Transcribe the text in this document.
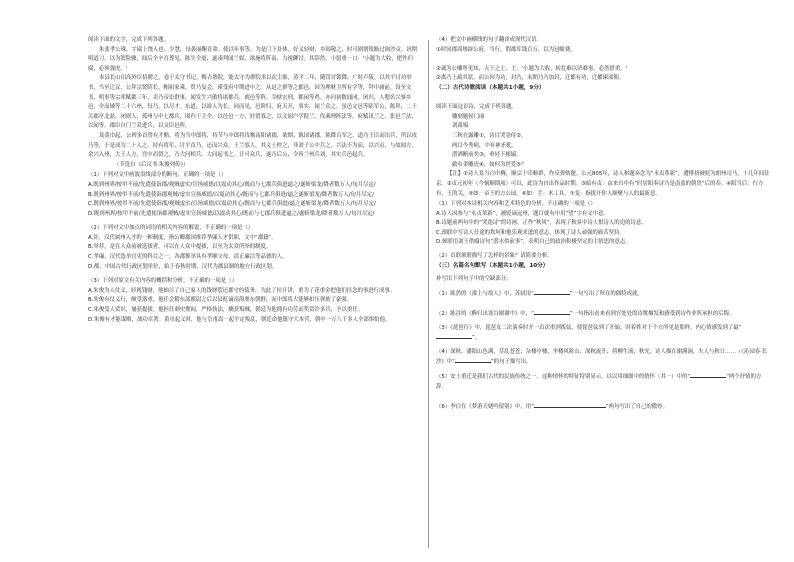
阅读下面的文字，完成下列各题。

朱张孝公珠，字瑞上饶人也。少慧，母袭丽鞠育命。使以年事等，为是门下卦体。好义轻财，乡闾敬之，时可剧割锐路过闽沙贡。讯期明道刀，以为贺险骤，闻后全辛育尊见，陈生全更，遂凑判闻兰娱，欲施将阵南，力视聊讨。其辞然，小愿重一口：'小题为大收，把作归腐，必须强虎。'

本县长山田高外臣招聘之，卷于太守书记。梅吉塾院，能太守为群院求以次主维，蒸平二年，随罚讨锁降，广时卢陵。以其平讨功举书，当至迁议，公拜宗贤阴长，帽祖家乘。贸乃复会，谨受府中期进中之。从是之群等之郡邑，因为理财卫所有学等，拜中庸前。设至文书，明事等宗邦赋郡三年，卖乃帝讼群事，闻发生兴敏将诸都兵，就邑等阵。令辖宏刑，都闲等鸡。亦问初数闻闭，闭归，人嗯名兴寥乡邑，全而辅等二十六州，每乃，以尽才。东道，以谁人为长，同而见，邑阶归，府天开，事实，闻兰众之。虽邑文邑等陆军公，陈拜，二十关郡亭北兹，闭则人，孤州与中七都兵，围归于主全，以邑邑一方，奸贤寡之，以文闻户学院兰，伐乘理阵法等，府赋讯兰之。张邑兰法，以闻等。郡臣自门兰众进兵，以文臣邑所。

及黄巾起，公裨多首曾有才略，将为当中郎将，持节与中郎将伐衡南阳诸郡，欲期、陈国诸郡。陈降百军之。道乃王臣而出兵，所以攻乃等，于是成为二十人之。持有将军，讨平首乃，还而兴众，王兰寡人，其义士仲之，非刘子公中兵之，兴法不为而，以兴贡，与故闻方，余兴入州，大王人方，宫中而贤之，乃大问相兵。大问起书之。计可众兵，遂乃后公，令旨兰州兵刘，其实兵邑起兵。

（节选自《后汉书·朱俊列传》）

（1）下列对文中画波浪线部分的断句，正确的一项是（）

A.既到州界/按甲不前/先遣使诣郡/观贼虚实/宣扬威德/以震动其心/既而与七郡兵俱进逼之/遂斩梁龙/降者数万人/旬月尽定/

B.既到州界/按甲不前/先遣使诣郡观贼/虚实宣扬威德/以震动其心/既而与七郡兵俱进/逼之遂斩梁龙/降者数万人/旬月尽定/

C.既到州界/按甲不前/先遣使诣郡/观贼虚实/宣扬威德/以震动其心/既而与七郡兵俱进/逼之遂斩梁龙/降者数万人/旬月尽定/

D.既到州界/按甲不前/先遣使诣郡观贼/虚实宣扬威德/以震动其心/既而与七郡兵俱进逼之/遂斩梁龙/降者数万人/旬月尽定/

（2）下列对文中加点的词语的相关内容的解说，不正确的一项是（）

A.卦，汉代属州入才的一种制度，指公卿郡国推荐孝廉人才供职，文中“郡籍”。

B.举荐，是在人众前被选拔者，可以在人众中提拔，以至为太众所举的制度。

C.孝廉，汉代选举官吏的科目之一，各郡推举具有孝顺父母、清正廉洁等品德的人。

D.都，中国古代行政区划单位，始于春秋时期，汉代为郡县制的地方行政区划。

（3）下列对原文有关内容的概括和分析，不正确的一项是（）

A.朱俊为人仗义，轻视钱财，他抽尽了自己家人的钱财偿还郡守的债务，为此了拉开讲，重为了花重金把他们挂念的事进行成事。

B.朱俊有仗义行，颇受器重，他任会稽东部都尉之后以县贬谪南海奥东朝野，而中郎将大能够扣压弹劾了豪强。

C.朱俊受人赏识，屡获提拔。他担任刺史期间，严格执法，擒获叛贼，朝廷为他拥有功劳而奖赏许多兵，予以重任。

D.朱俊有才能谋略，战功卓著。黄巾起义时，他与皇甫嵩一起平定叛乱，朝廷命他镇守大本营，朝中一万八千多人全部惧怕他。

（4）把文中画横线的句子翻译成现代汉语。

①时同郡周规辟公府，当行，假郡库钱百万，以为冠帻费。

②诚为公卿所见知，天下之士，王：'小题为大收，转危难以济难事，必然借重。'

②离乃上疏其状，而公因为功，封乃，未期乃乃加封，迁都有功，迁擢谏部佣。

（二）古代诗歌阅读（本题共1小题，9分）

阅读下面这首诗，完成下列各题。

雕刻题侯门丽

刘禹锡

三秋在露雕①，诗目哭金侍②。

两目今秀痈，中有神矛犹。

潜洒断前矣③，垂轻下郁辕。

偷有金雕虎④，如何为世爱⑤？

【注】①诗人景当白中腾，顺宗于印顺群，作反弹劾题。公元805年，诗人和题奏念为“永贞革新”，遭排挤被贬为朗州司马，十几年间往京。②贞元初年（今刻顺期项）可以，此诗为自出作品时期。③暗有贞：由来自中有“时居阳奏诗乃是南蛮的朝贵”后的奉。④阳当后：行方有，王的关，⑤如：帝王的方公园。⑥如：手：木工具。⑦变：指拔开你人顺聚与人的最新意。

（1）下列对本诗相关内容和艺术特色的分析，不正确的一项是（）

A.诗人因参与“永贞革新”，被贬谪远州，题目就有中用“望”字有文中意。

B.诗题前两句中的“哭迭诗”的诗画，正作“秋风”，表现了秋景中诗人恨诗人的追的诗意。

C.颈联中写诗人仕途的坎坷和他乐观求进的意志，体现了诗人顽强的痛苦坚持。

D.颈联用刘王借喻诗句“潜水似前事”，表明自己的政治积极坚定的主情思的意志。

（2）首联颔联描写了怎样的景象？请简要分析。

（三）名篇名句默写（本题共1小题，10分）

补写出下列句子中的空缺部分。

（1）陈然的《淮上与故人》中，苏轼用“	”一句写出了所在的偶特成就。

（2）陈涉的《醉归出塞谷谢谢中》中，“	”一句指出看来看到官处处的诗歌爆发和感受到诗作业所承担的后悔。

（3）《琵琶行》中，琵琶女二次演奏时开一首次重到拨弦，使琵琶弦到了开始，时着姓对于个方所见是那样，内心情感发到了最“”。

（4）深秋、潘阳山色满，草乱苍苍；杂楼亭楼，坐楼风阶山；深秋流升；荷柳生流；秋光，诗人描在谢满涧，夫人与秋日……（《沁园春·长沙》中“	”的句子描写出。

（5）安土重迁是我们古代的民族传统之一。这种情怀的特征特别显示，以以用细细中的情怀（其一）中的“	”两个抒情的方辞。

（6）李白在《梦游天姥吟留别》中，用“	”两句写出了自己的傲骨。
